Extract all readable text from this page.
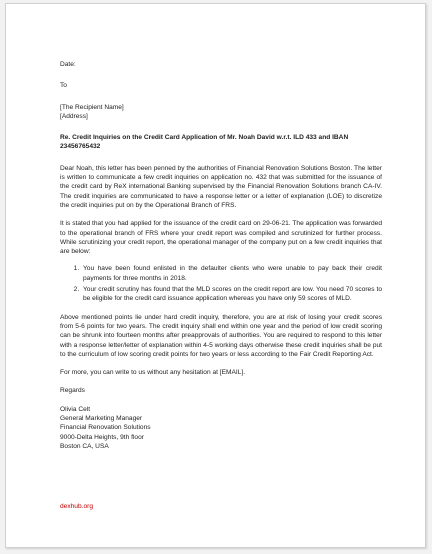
Date:

To

[The Recipient Name]

[Address]

Re. Credit Inquiries on the Credit Card Application of Mr. Noah David w.r.t. ILD 433 and IBAN 23456765432

Dear Noah, this letter has been penned by the authorities of Financial Renovation Solutions Boston. The letter is written to communicate a few credit inquiries on application no. 432 that was submitted for the issuance of the credit card by ReX international Banking supervised by the Financial Renovation Solutions branch CA-IV. The credit inquiries are communicated to have a response letter or a letter of explanation (LOE) to discretize the credit inquiries put on by the Operational Branch of FRS.

It is stated that you had applied for the issuance of the credit card on 29-06-21. The application was forwarded to the operational branch of FRS where your credit report was compiled and scrutinized for further process. While scrutinizing your credit report, the operational manager of the company put on a few credit inquiries that are below:

1. You have been found enlisted in the defaulter clients who were unable to pay back their credit payments for three months in 2018.
2. Your credit scrutiny has found that the MLD scores on the credit report are low. You need 70 scores to be eligible for the credit card issuance application whereas you have only 59 scores of MLD.

Above mentioned points lie under hard credit inquiry, therefore, you are at risk of losing your credit scores from 5-6 points for two years. The credit inquiry shall end within one year and the period of low credit scoring can be shrunk into fourteen months after preapprovals of authorities. You are required to respond to this letter with a response letter/letter of explanation within 4-5 working days otherwise these credit inquiries shall be put to the curriculum of low scoring credit points for two years or less according to the Fair Credit Reporting Act.

For more, you can write to us without any hesitation at [EMAIL].

Regards

Olivia Celt

General Marketing Manager

Financial Renovation Solutions

9000-Delta Heights, 9th floor

Boston CA, USA

dexhub.org
